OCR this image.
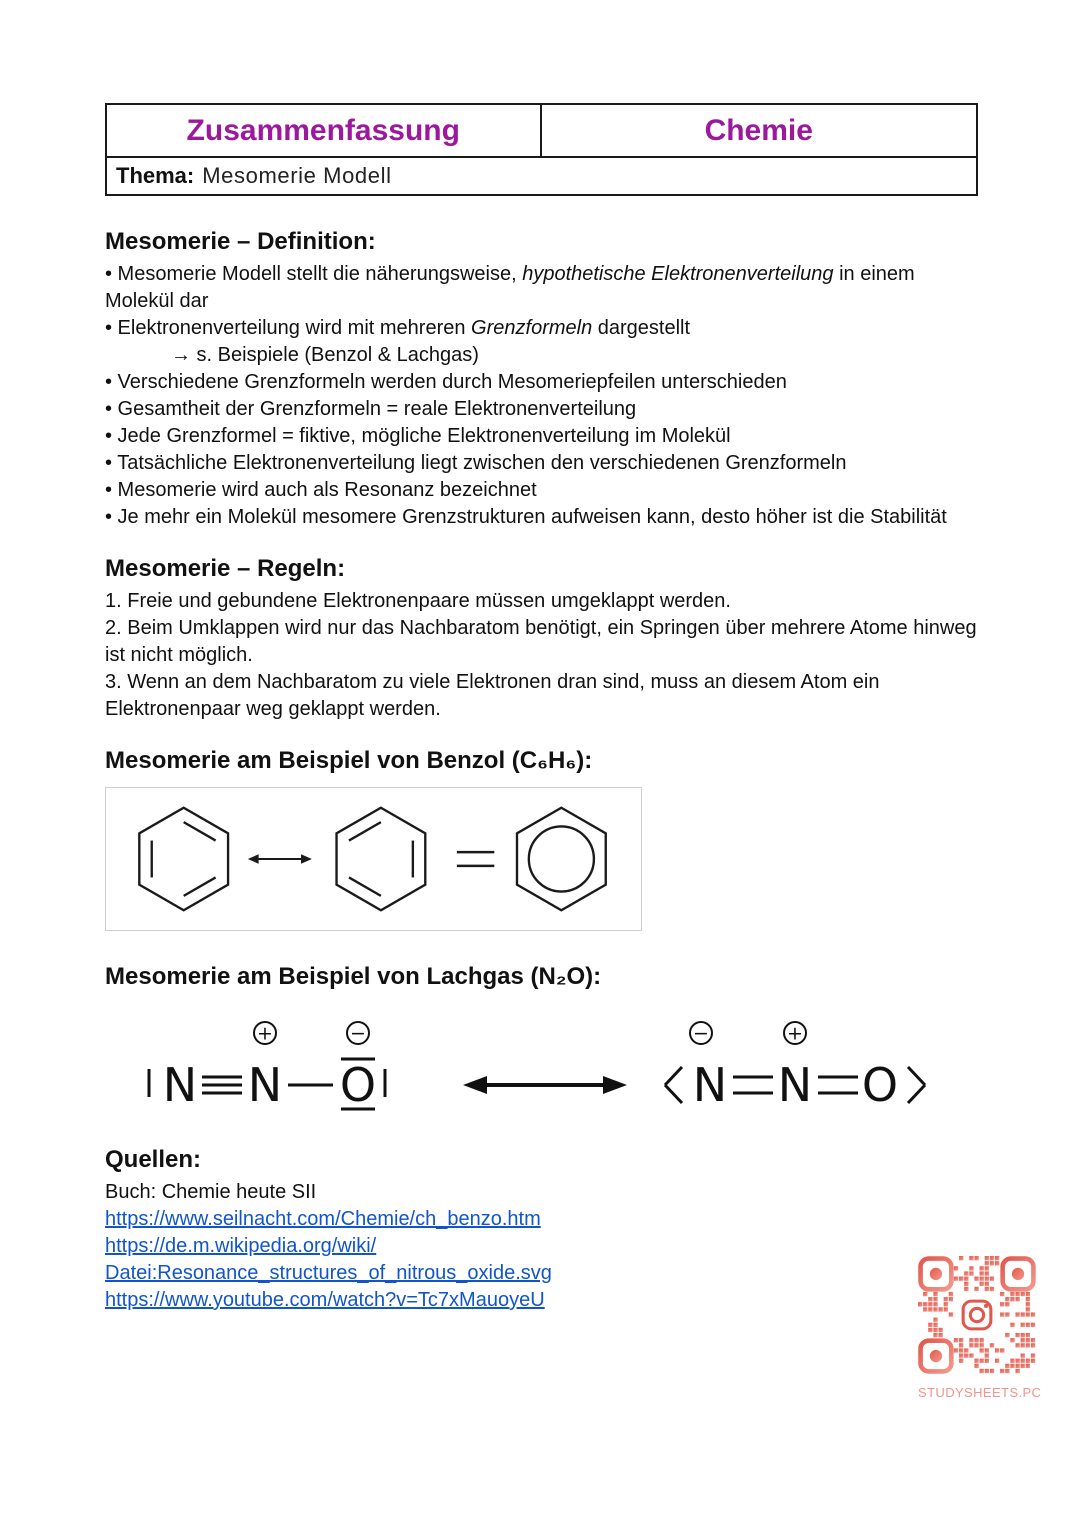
Zusammenfassung	Chemie
Thema: Mesomerie Modell
Mesomerie – Definition:

• Mesomerie Modell stellt die näherungsweise, hypothetische Elektronenverteilung in einem Molekül dar

• Elektronenverteilung wird mit mehreren Grenzformeln dargestellt

→ s. Beispiele (Benzol & Lachgas)

• Verschiedene Grenzformeln werden durch Mesomeriepfeilen unterschieden

• Gesamtheit der Grenzformeln = reale Elektronenverteilung

• Jede Grenzformel = fiktive, mögliche Elektronenverteilung im Molekül

• Tatsächliche Elektronenverteilung liegt zwischen den verschiedenen Grenzformeln

• Mesomerie wird auch als Resonanz bezeichnet

• Je mehr ein Molekül mesomere Grenzstrukturen aufweisen kann, desto höher ist die Stabilität

Mesomerie – Regeln:

1. Freie und gebundene Elektronenpaare müssen umgeklappt werden.

2. Beim Umklappen wird nur das Nachbaratom benötigt, ein Springen über mehrere Atome hinweg ist nicht möglich.

3. Wenn an dem Nachbaratom zu viele Elektronen dran sind, muss an diesem Atom ein Elektronenpaar weg geklappt werden.

Mesomerie am Beispiel von Benzol (C₆H₆):
Mesomerie am Beispiel von Lachgas (N₂O):
N N O
+	−
N N O
−	+
Quellen:

Buch: Chemie heute SII

https://www.seilnacht.com/Chemie/ch_benzo.htm
https://de.m.wikipedia.org/wiki/
Datei:Resonance_structures_of_nitrous_oxide.svg
https://www.youtube.com/watch?v=Tc7xMauoyeU
STUDYSHEETS.PC
